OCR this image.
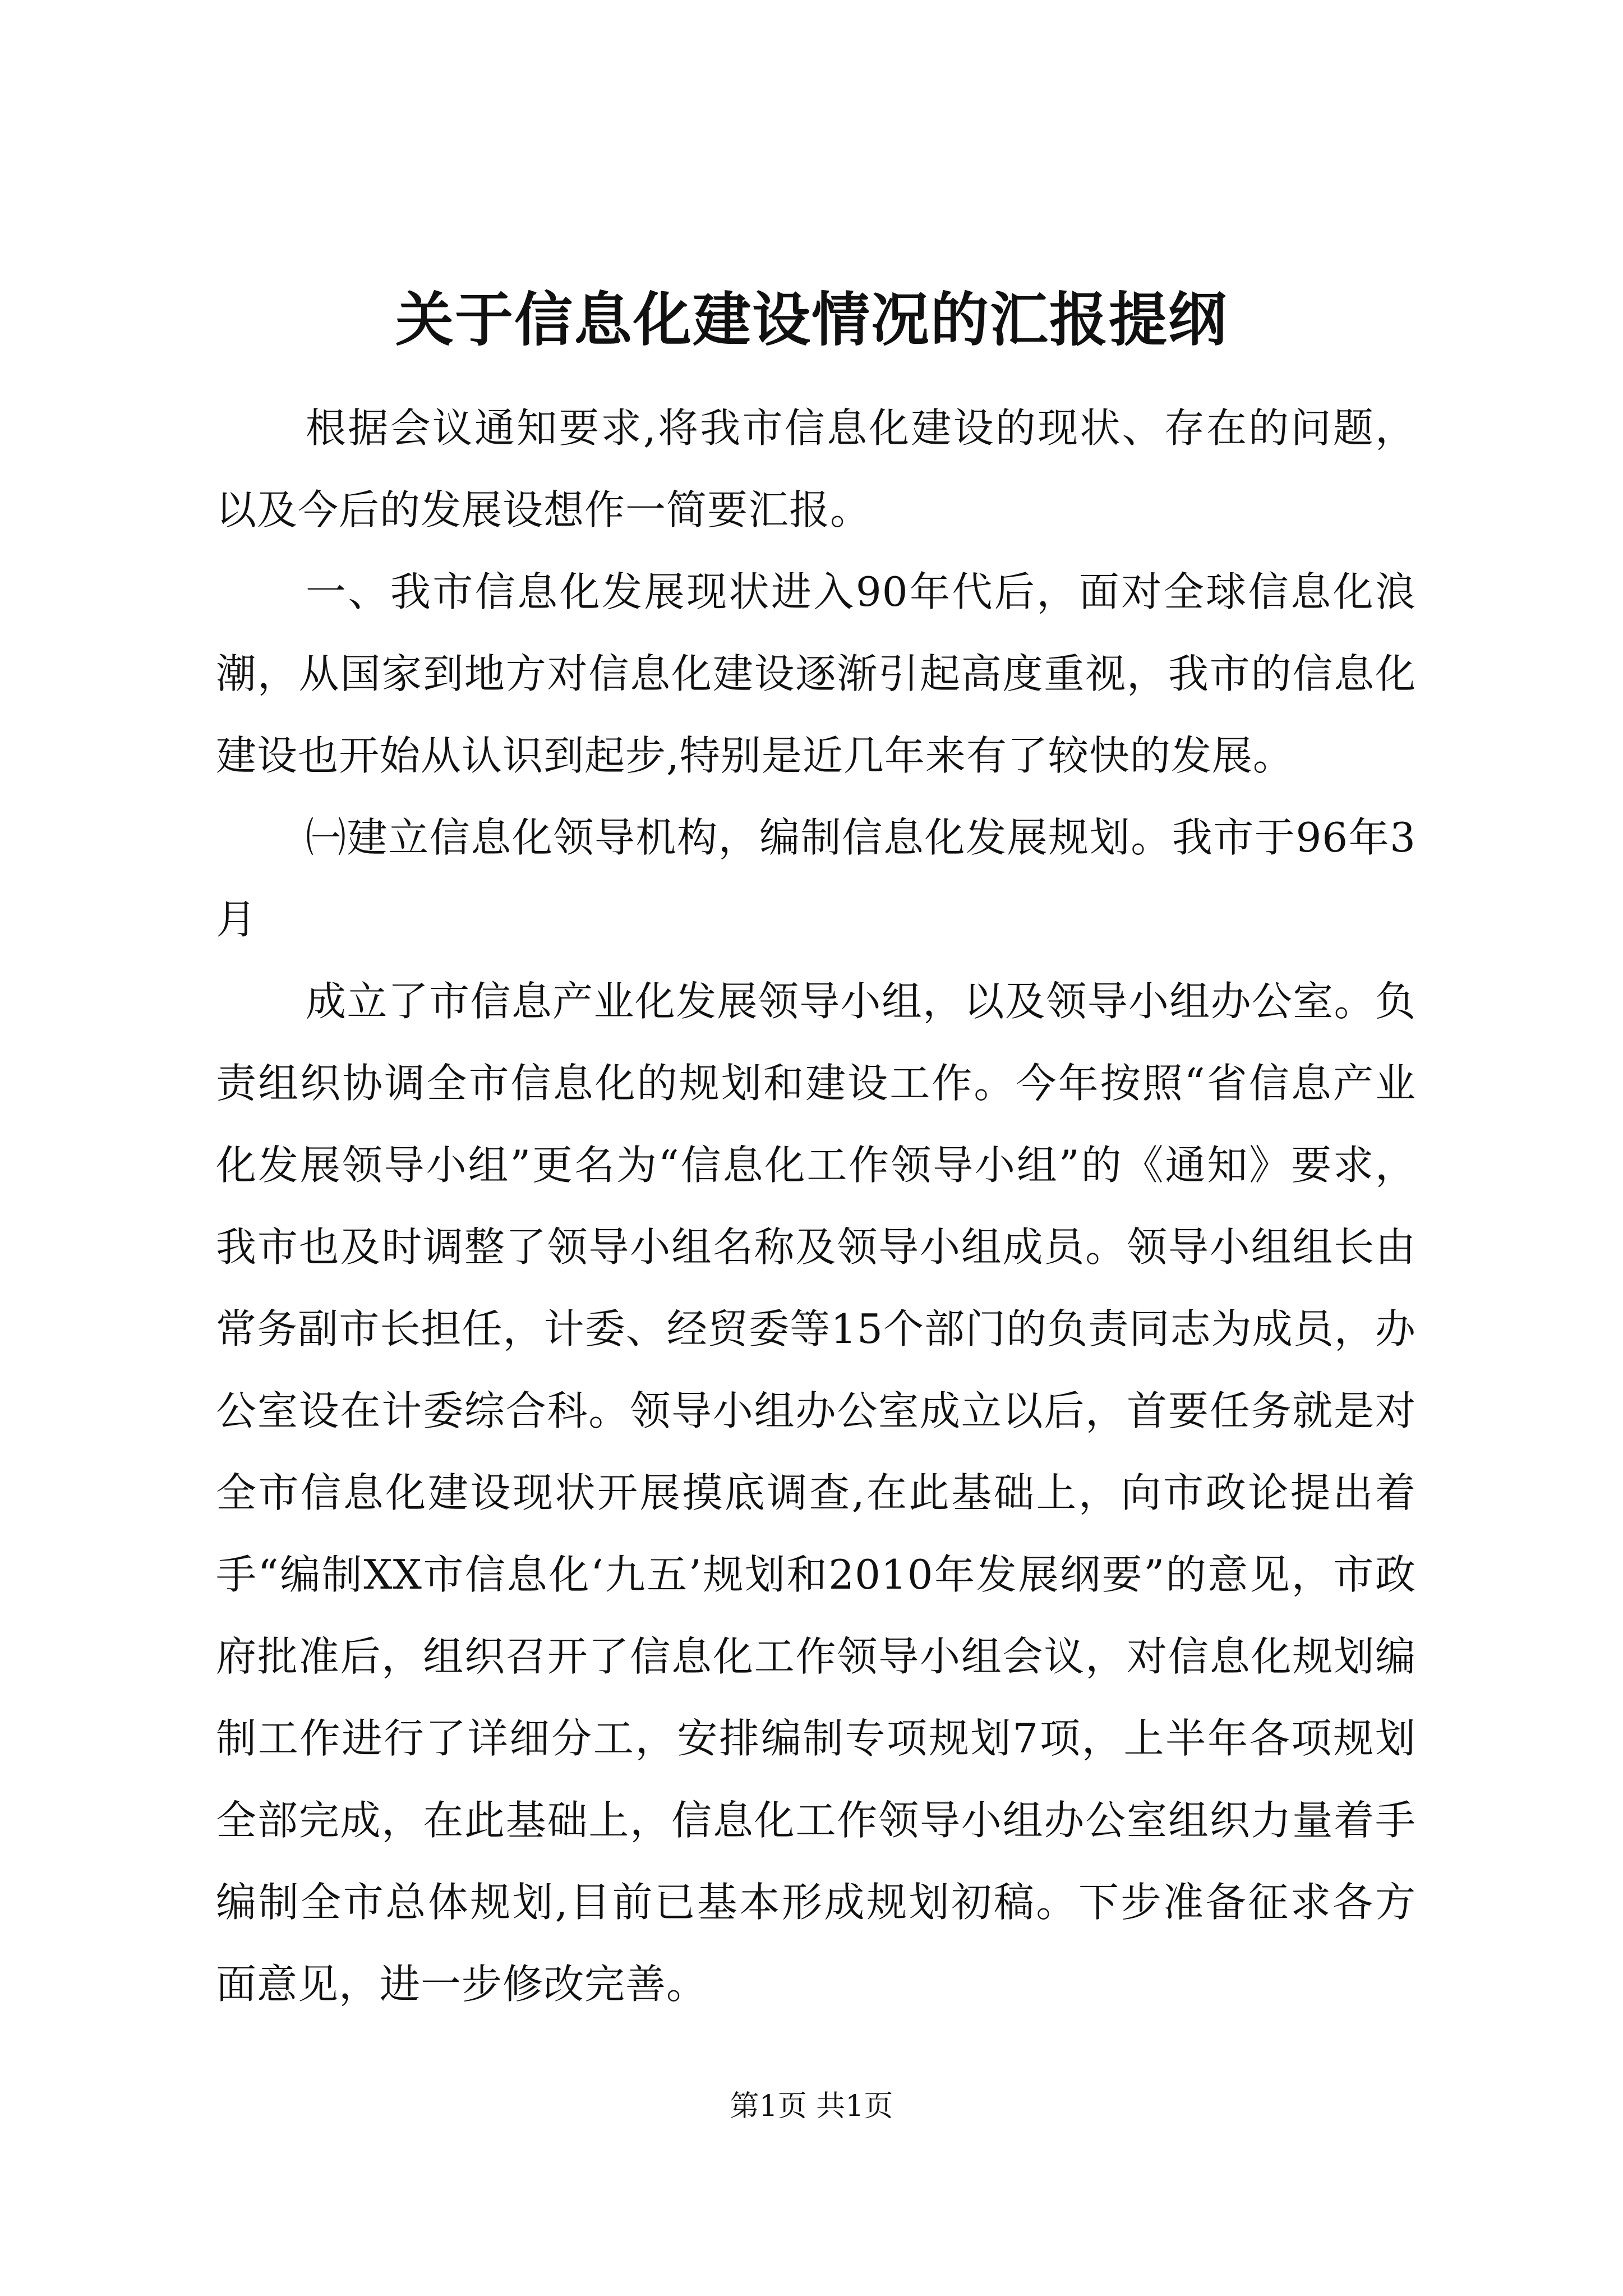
关于信息化建设情况的汇报提纲

根据会议通知要求,将我市信息化建设的现状、存在的问题，以及今后的发展设想作一简要汇报。

一、我市信息化发展现状进入90年代后，面对全球信息化浪潮，从国家到地方对信息化建设逐渐引起高度重视，我市的信息化建设也开始从认识到起步,特别是近几年来有了较快的发展。

㈠建立信息化领导机构，编制信息化发展规划。我市于96年3月

成立了市信息产业化发展领导小组，以及领导小组办公室。负责组织协调全市信息化的规划和建设工作。今年按照“省信息产业化发展领导小组”更名为“信息化工作领导小组”的《通知》要求，我市也及时调整了领导小组名称及领导小组成员。领导小组组长由常务副市长担任，计委、经贸委等15个部门的负责同志为成员，办公室设在计委综合科。领导小组办公室成立以后，首要任务就是对全市信息化建设现状开展摸底调查,在此基础上，向市政论提出着手“编制XX市信息化‘九五’规划和2010年发展纲要”的意见，市政府批准后，组织召开了信息化工作领导小组会议，对信息化规划编制工作进行了详细分工，安排编制专项规划7项，上半年各项规划全部完成，在此基础上，信息化工作领导小组办公室组织力量着手编制全市总体规划,目前已基本形成规划初稿。下步准备征求各方面意见，进一步修改完善。

第1页 共1页
